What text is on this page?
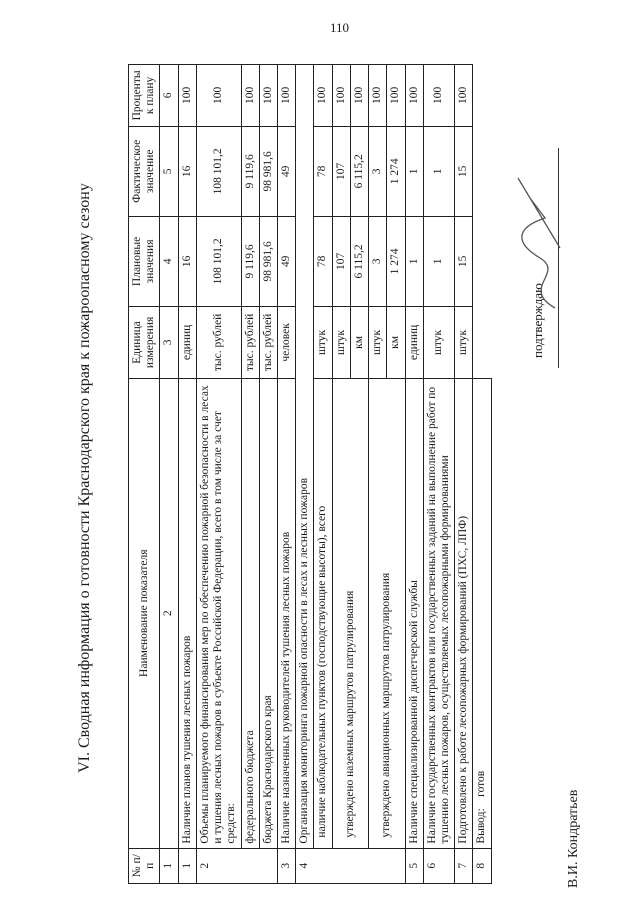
110
VI. Сводная информация о готовности Краснодарского края к пожароопасному сезону
№ п/п	Наименование показателя	Единица измерения	Плановые значения	Фактическое значение	Проценты к плану
1	2	3	4	5	6
1	Наличие планов тушения лесных пожаров	единиц	16	16	100
2	Объемы планируемого финансирования мер по обеспечению пожарной безопасности в лесах и тушения лесных пожаров в субъекте Российской Федерации, всего в том числе за счет средств:	тыс. рублей	108 101,2	108 101,2	100
	федерального бюджета	тыс. рублей	9 119,6	9 119,6	100
	бюджета Краснодарского края	тыс. рублей	98 981,6	98 981,6	100
3	Наличие назначенных руководителей тушения лесных пожаров	человек	49	49	100
4	Организация мониторинга пожарной опасности в лесах и лесных пожаров				
	наличие наблюдательных пунктов (господствующие высоты), всего	штук	78	78	100
	утверждено наземных маршрутов патрулирования	штук	107	107	100
		км	6 115,2	6 115,2	100
	утверждено авиационных маршрутов патрулирования	штук	3	3	100
		км	1 274	1 274	100
5	Наличие специализированной диспетчерской службы	единиц	1	1	100
6	Наличие государственных контрактов или государственных заданий на выполнение работ по тушению лесных пожаров, осуществляемых лесопожарными формированиями	штук	1	1	100
7	Подготовлено к работе лесопожарных формирований (ПХС, ЛПФ)	штук	15	15	100
8	Вывод:    готов				
В.И. Кондратьев
подтверждаю
